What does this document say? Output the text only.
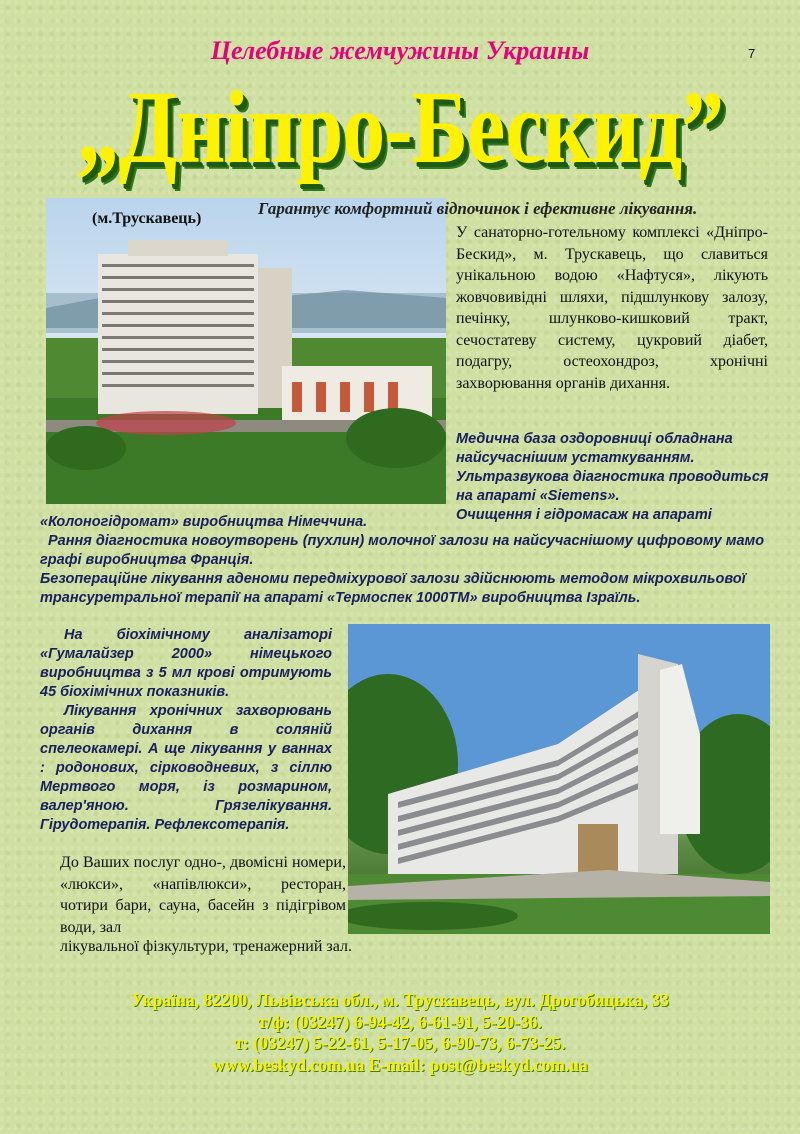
Целебные жемчужины Украины	7
„Дніпро-Бескид”
(м.Трускавець)
Гарантує комфортний відпочинок і ефективне лікування.
У санаторно-готельному комплексі «Дніпро-Бескид», м. Трускавець, що славиться унікальною водою «Нафтуся», лікують жовчовивідні шляхи, підшлункову залозу, печінку, шлунково-кишковий тракт, сечостатеву систему, цукровий діабет, подагру, остеохондроз, хронічні захворювання органів дихання.

Медична база оздоровниці обладнана найсучаснішим устаткуванням.

Ультразвукова діагностика проводиться на апараті «Siemens».

Очищення і гідромасаж на апараті

«Колоногідромат» виробництва Німеччина.

Рання діагностика новоутворень (пухлин) молочної залози на найсучаснішому цифровому мамо графі виробництва Франція.

Безопераційне лікування аденоми передміхурової залози здійснюють методом мікрохвильової трансуретральної терапії на апараті «Термоспек 1000ТМ» виробництва Ізраїль.

На біохімічному аналізаторі «Гумалайзер 2000» німецького виробництва з 5 мл крові отримують 45 біохімічних показників.

Лікування хронічних захворювань органів дихання в соляній спелеокамері. А ще лікування у ваннах : родонових, сірководневих, з сіллю Мертвого моря, із розмарином, валер'яною. Грязелікування. Гірудотерапія. Рефлексотерапія.

До Ваших послуг одно-, двомісні номери, «люкси», «напівлюкси», ресторан, чотири бари, сауна, басейн з підігрівом води, зал
лікувальної фізкультури, тренажерний зал.
Україна, 82200, Львівська обл., м. Трускавець, вул. Дрогобицька, 33
т/ф: (03247) 6-94-42, 6-61-91, 5-20-36.
т: (03247) 5-22-61, 5-17-05, 6-90-73, 6-73-25.
www.beskyd.com.ua E-mail: post@beskyd.com.ua
